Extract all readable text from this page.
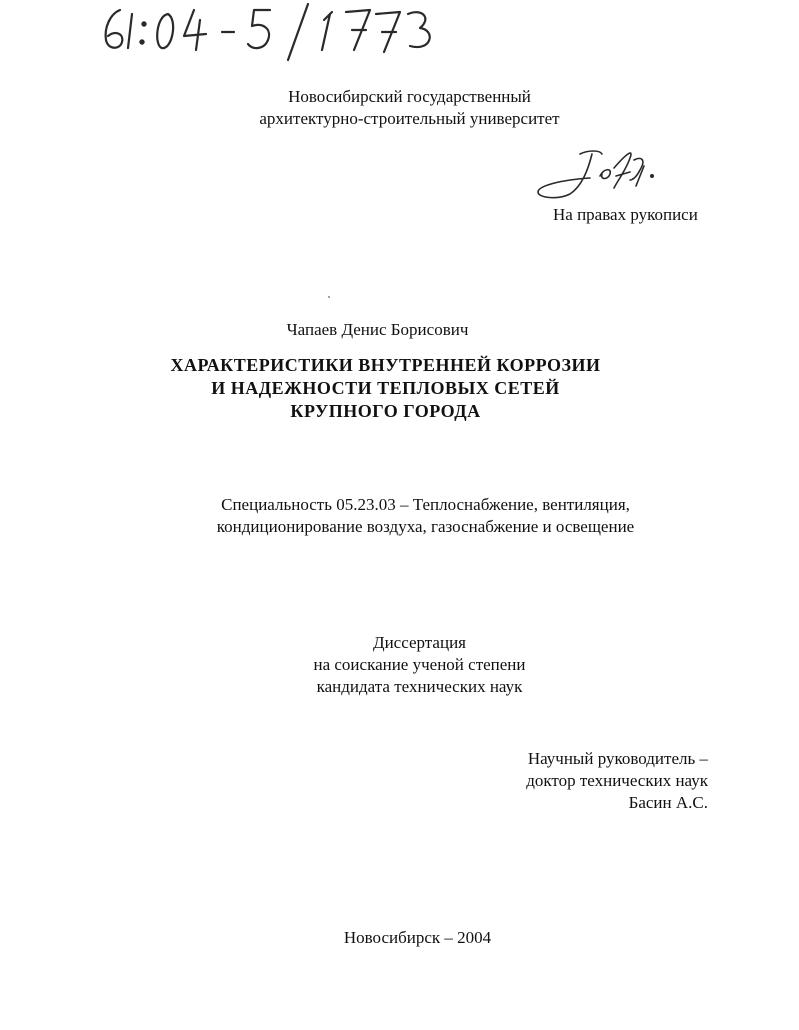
Новосибирский государственный
архитектурно-строительный университет
На правах рукописи
Чапаев Денис Борисович
ХАРАКТЕРИСТИКИ ВНУТРЕННЕЙ КОРРОЗИИ
И НАДЕЖНОСТИ ТЕПЛОВЫХ СЕТЕЙ
КРУПНОГО ГОРОДА
Специальность 05.23.03 – Теплоснабжение, вентиляция,
кондиционирование воздуха, газоснабжение и освещение
Диссертация
на соискание ученой степени
кандидата технических наук
Научный руководитель –
доктор технических наук
Басин А.С.
Новосибирск – 2004
